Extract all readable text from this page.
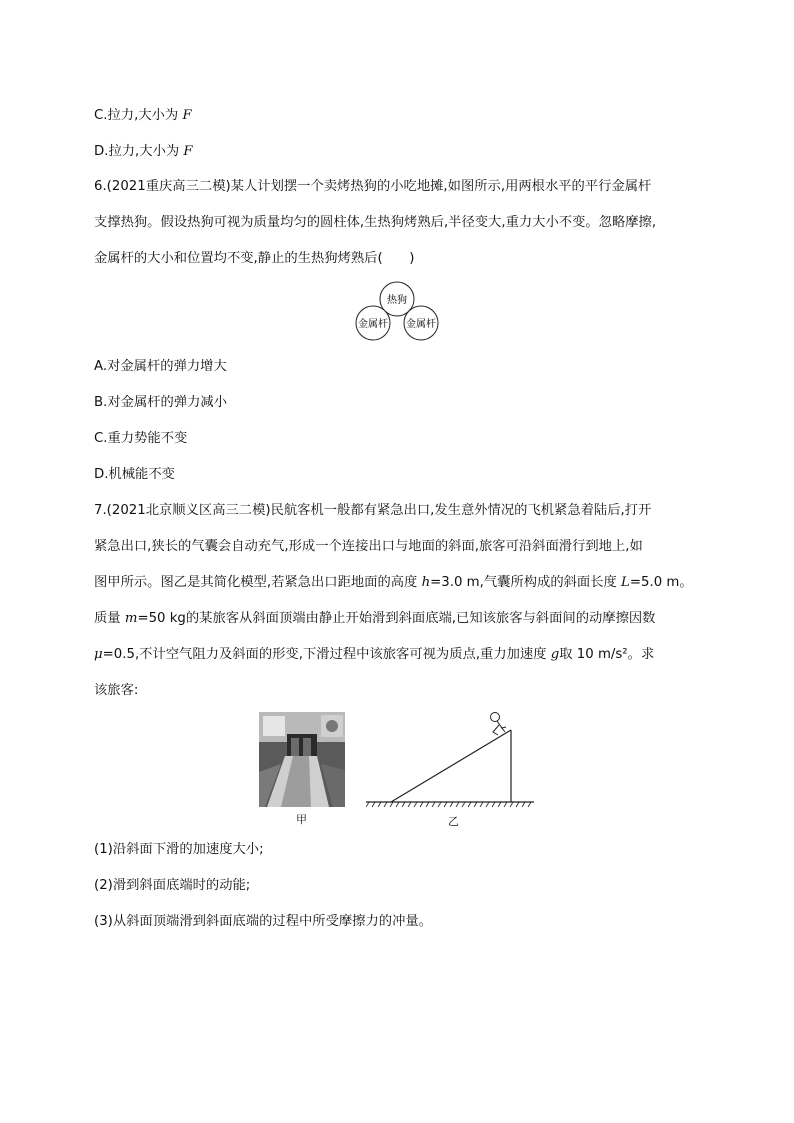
C.拉力,大小为 F
D.拉力,大小为 F
6.(2021重庆高三二模)某人计划摆一个卖烤热狗的小吃地摊,如图所示,用两根水平的平行金属杆
支撑热狗。假设热狗可视为质量均匀的圆柱体,生热狗烤熟后,半径变大,重力大小不变。忽略摩擦,
金属杆的大小和位置均不变,静止的生热狗烤熟后(　　)
热狗
金属杆 金属杆
A.对金属杆的弹力增大
B.对金属杆的弹力减小
C.重力势能不变
D.机械能不变
7.(2021北京顺义区高三二模)民航客机一般都有紧急出口,发生意外情况的飞机紧急着陆后,打开
紧急出口,狭长的气囊会自动充气,形成一个连接出口与地面的斜面,旅客可沿斜面滑行到地上,如
图甲所示。图乙是其简化模型,若紧急出口距地面的高度 h=3.0 m,气囊所构成的斜面长度 L=5.0 m。
质量 m=50 kg的某旅客从斜面顶端由静止开始滑到斜面底端,已知该旅客与斜面间的动摩擦因数
μ=0.5,不计空气阻力及斜面的形变,下滑过程中该旅客可视为质点,重力加速度 g取 10 m/s²。求
该旅客:
甲	乙
(1)沿斜面下滑的加速度大小;
(2)滑到斜面底端时的动能;
(3)从斜面顶端滑到斜面底端的过程中所受摩擦力的冲量。
